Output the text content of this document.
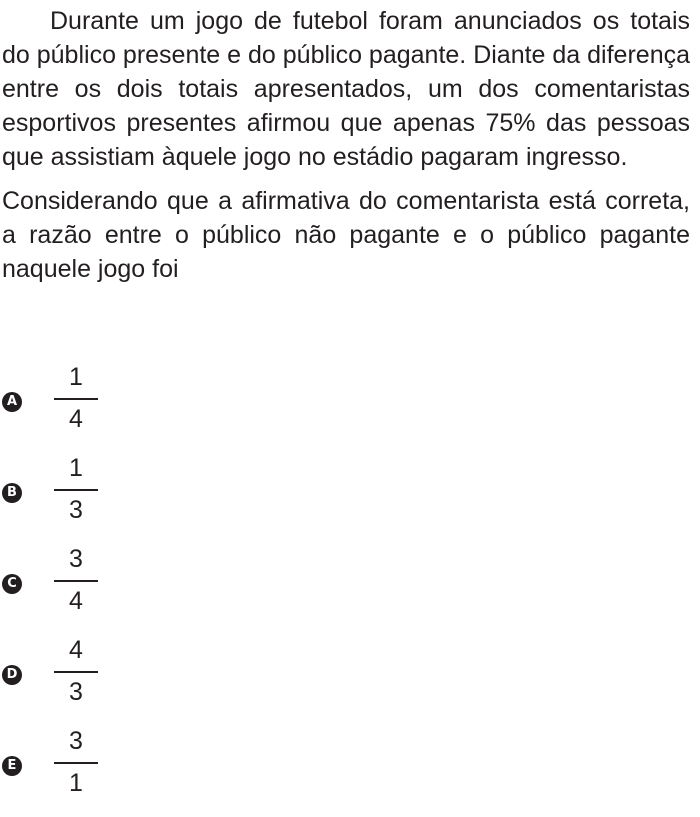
Durante um jogo de futebol foram anunciados os totais do público presente e do público pagante. Diante da diferença entre os dois totais apresentados, um dos comentaristas esportivos presentes afirmou que apenas 75% das pessoas que assistiam àquele jogo no estádio pagaram ingresso.

Considerando que a afirmativa do comentarista está correta, a razão entre o público não pagante e o público pagante naquele jogo foi

A
1
4
B
1
3
C
3
4
D
4
3
E
3
1
